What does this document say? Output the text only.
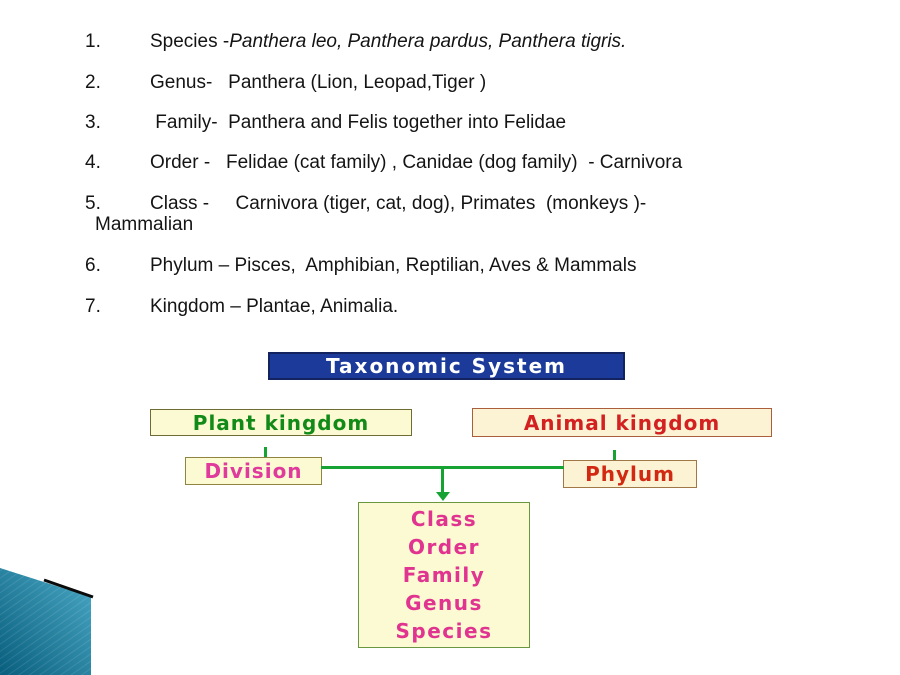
1.	Species -Panthera leo, Panthera pardus, Panthera tigris.
2.	Genus-   Panthera (Lion, Leopad,Tiger )
3.	Family-  Panthera and Felis together into Felidae
4.	Order -   Felidae (cat family) , Canidae (dog family)  - Carnivora
5.	Class -     Carnivora (tiger, cat, dog), Primates  (monkeys )-
Mammalian
6.	Phylum – Pisces,  Amphibian, Reptilian, Aves & Mammals
7.	Kingdom – Plantae, Animalia.
Taxonomic System
Plant kingdom	Animal kingdom
Division	Phylum
Class
Order
Family
Genus
Species
